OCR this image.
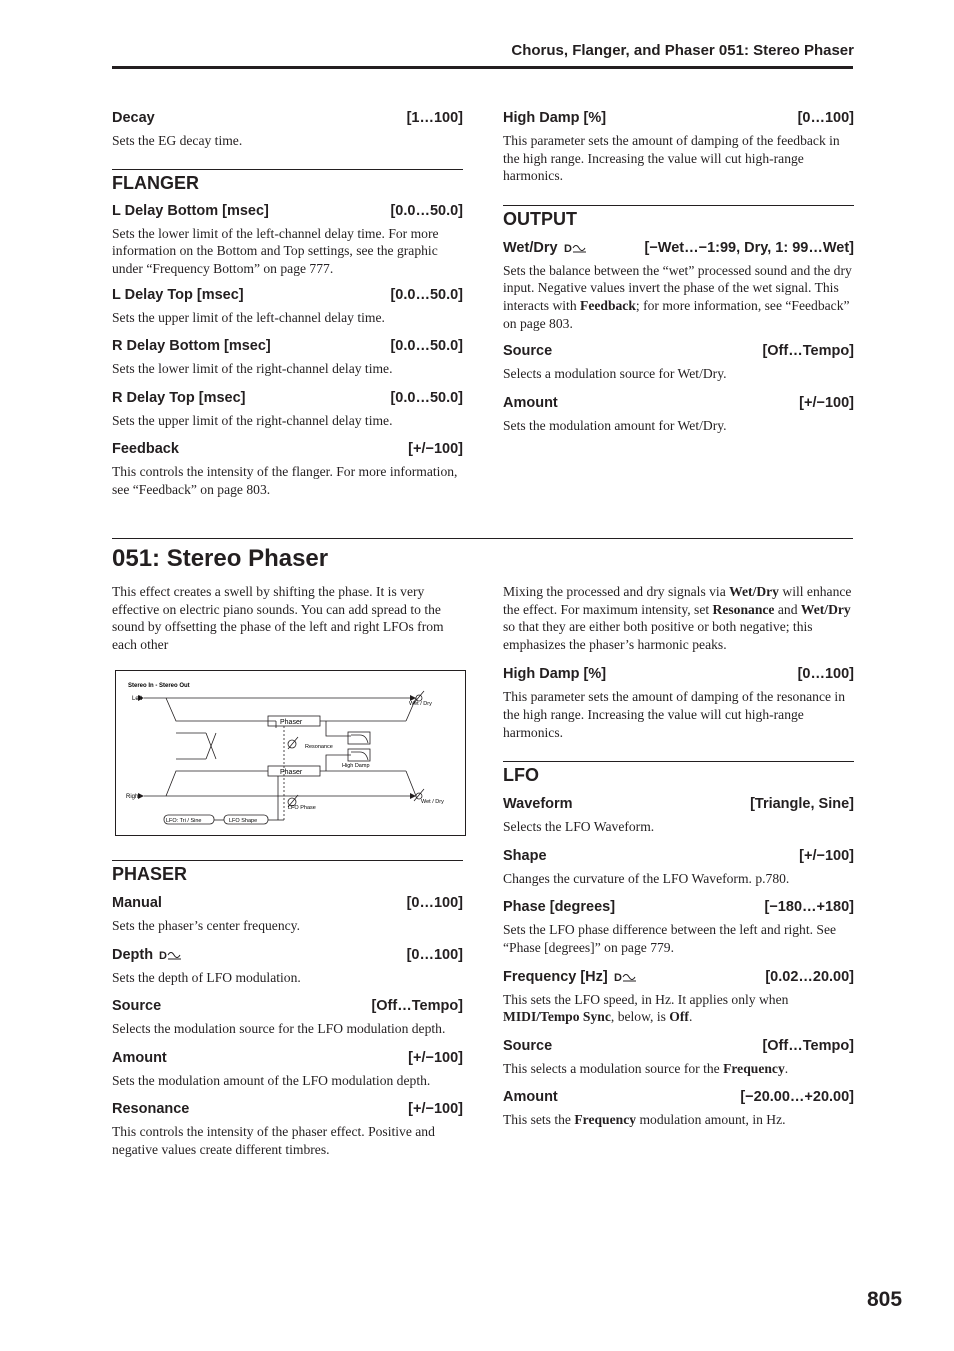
Chorus, Flanger, and Phaser 051: Stereo Phaser
Decay	[1…100]

Sets the EG decay time.

FLANGER
L Delay Bottom [msec]	[0.0…50.0]

Sets the lower limit of the left-channel delay time. For more information on the Bottom and Top settings, see the graphic under “Frequency Bottom” on page 777.

L Delay Top [msec]	[0.0…50.0]

Sets the upper limit of the left-channel delay time.

R Delay Bottom [msec]	[0.0…50.0]

Sets the lower limit of the right-channel delay time.

R Delay Top [msec]	[0.0…50.0]

Sets the upper limit of the right-channel delay time.

Feedback	[+/−100]

This controls the intensity of the flanger. For more information, see “Feedback” on page 803.

High Damp [%]	[0…100]

This parameter sets the amount of damping of the feedback in the high range. Increasing the value will cut high-range harmonics.

OUTPUT
Wet/Dry D	[−Wet…−1:99, Dry, 1: 99…Wet]

Sets the balance between the “wet” processed sound and the dry input. Negative values invert the phase of the wet signal. This interacts with Feedback; for more information, see “Feedback” on page 803.

Source	[Off…Tempo]

Selects a modulation source for Wet/Dry.

Amount	[+/−100]

Sets the modulation amount for Wet/Dry.

051: Stereo Phaser

This effect creates a swell by shifting the phase. It is very effective on electric piano sounds. You can add spread to the sound by offsetting the phase of the left and right LFOs from each other

Stereo In - Stereo Out
Left
Right
Phaser
Phaser
Resonance
High Damp
Wet / Dry
Wet / Dry
LFO Phase
LFO: Tri / Sine	LFO Shape
PHASER
Manual	[0…100]

Sets the phaser’s center frequency.

Depth D	[0…100]

Sets the depth of LFO modulation.

Source	[Off…Tempo]

Selects the modulation source for the LFO modulation depth.

Amount	[+/−100]

Sets the modulation amount of the LFO modulation depth.

Resonance	[+/−100]

This controls the intensity of the phaser effect. Positive and negative values create different timbres.

Mixing the processed and dry signals via Wet/Dry will enhance the effect. For maximum intensity, set Resonance and Wet/Dry so that they are either both positive or both negative; this emphasizes the phaser’s harmonic peaks.

High Damp [%]	[0…100]

This parameter sets the amount of damping of the resonance in the high range. Increasing the value will cut high-range harmonics.

LFO
Waveform	[Triangle, Sine]

Selects the LFO Waveform.

Shape	[+/−100]

Changes the curvature of the LFO Waveform. p.780.

Phase [degrees]	[−180…+180]

Sets the LFO phase difference between the left and right. See “Phase [degrees]” on page 779.

Frequency [Hz] D	[0.02…20.00]

This sets the LFO speed, in Hz. It applies only when MIDI/Tempo Sync, below, is Off.

Source	[Off…Tempo]

This selects a modulation source for the Frequency.

Amount	[−20.00…+20.00]

This sets the Frequency modulation amount, in Hz.

805
